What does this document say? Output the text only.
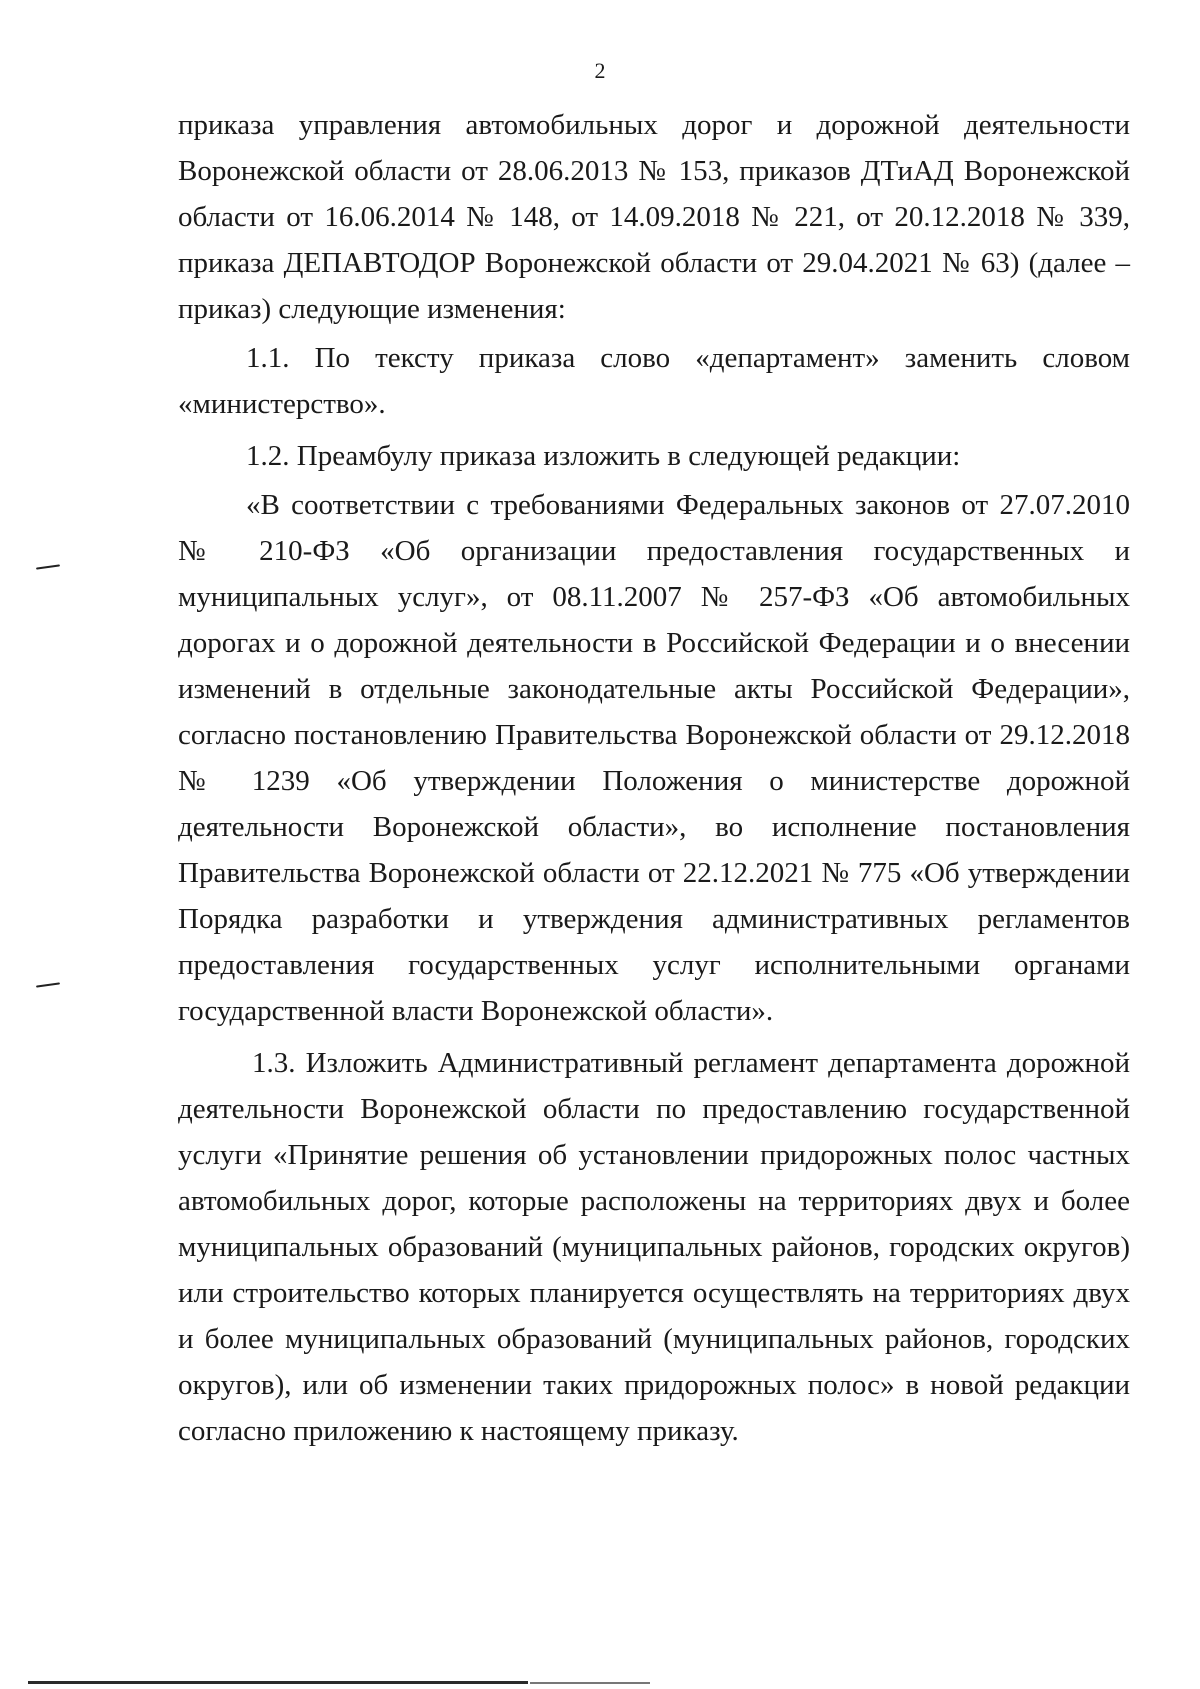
2

приказа управления автомобильных дорог и дорожной деятельности Воронежской области от 28.06.2013 № 153, приказов ДТиАД Воронежской области от 16.06.2014 № 148, от 14.09.2018 № 221, от 20.12.2018 № 339, приказа ДЕПАВТОДОР Воронежской области от 29.04.2021 № 63) (далее – приказ) следующие изменения:

1.1. По тексту приказа слово «департамент» заменить словом «министерство».

1.2. Преамбулу приказа изложить в следующей редакции:

«В соответствии с требованиями Федеральных законов от 27.07.2010 № 210-ФЗ «Об организации предоставления государственных и муниципальных услуг», от 08.11.2007 № 257-ФЗ «Об автомобильных дорогах и о дорожной деятельности в Российской Федерации и о внесении изменений в отдельные законодательные акты Российской Федерации», согласно постановлению Правительства Воронежской области от 29.12.2018 № 1239 «Об утверждении Положения о министерстве дорожной деятельности Воронежской области», во исполнение постановления Правительства Воронежской области от 22.12.2021 № 775 «Об утверждении Порядка разработки и утверждения административных регламентов предоставления государственных услуг исполнительными органами государственной власти Воронежской области».

1.3. Изложить Административный регламент департамента дорожной деятельности Воронежской области по предоставлению государственной услуги «Принятие решения об установлении придорожных полос частных автомобильных дорог, которые расположены на территориях двух и более муниципальных образований (муниципальных районов, городских округов) или строительство которых планируется осуществлять на территориях двух и более муниципальных образований (муниципальных районов, городских округов), или об изменении таких придорожных полос» в новой редакции согласно приложению к настоящему приказу.
